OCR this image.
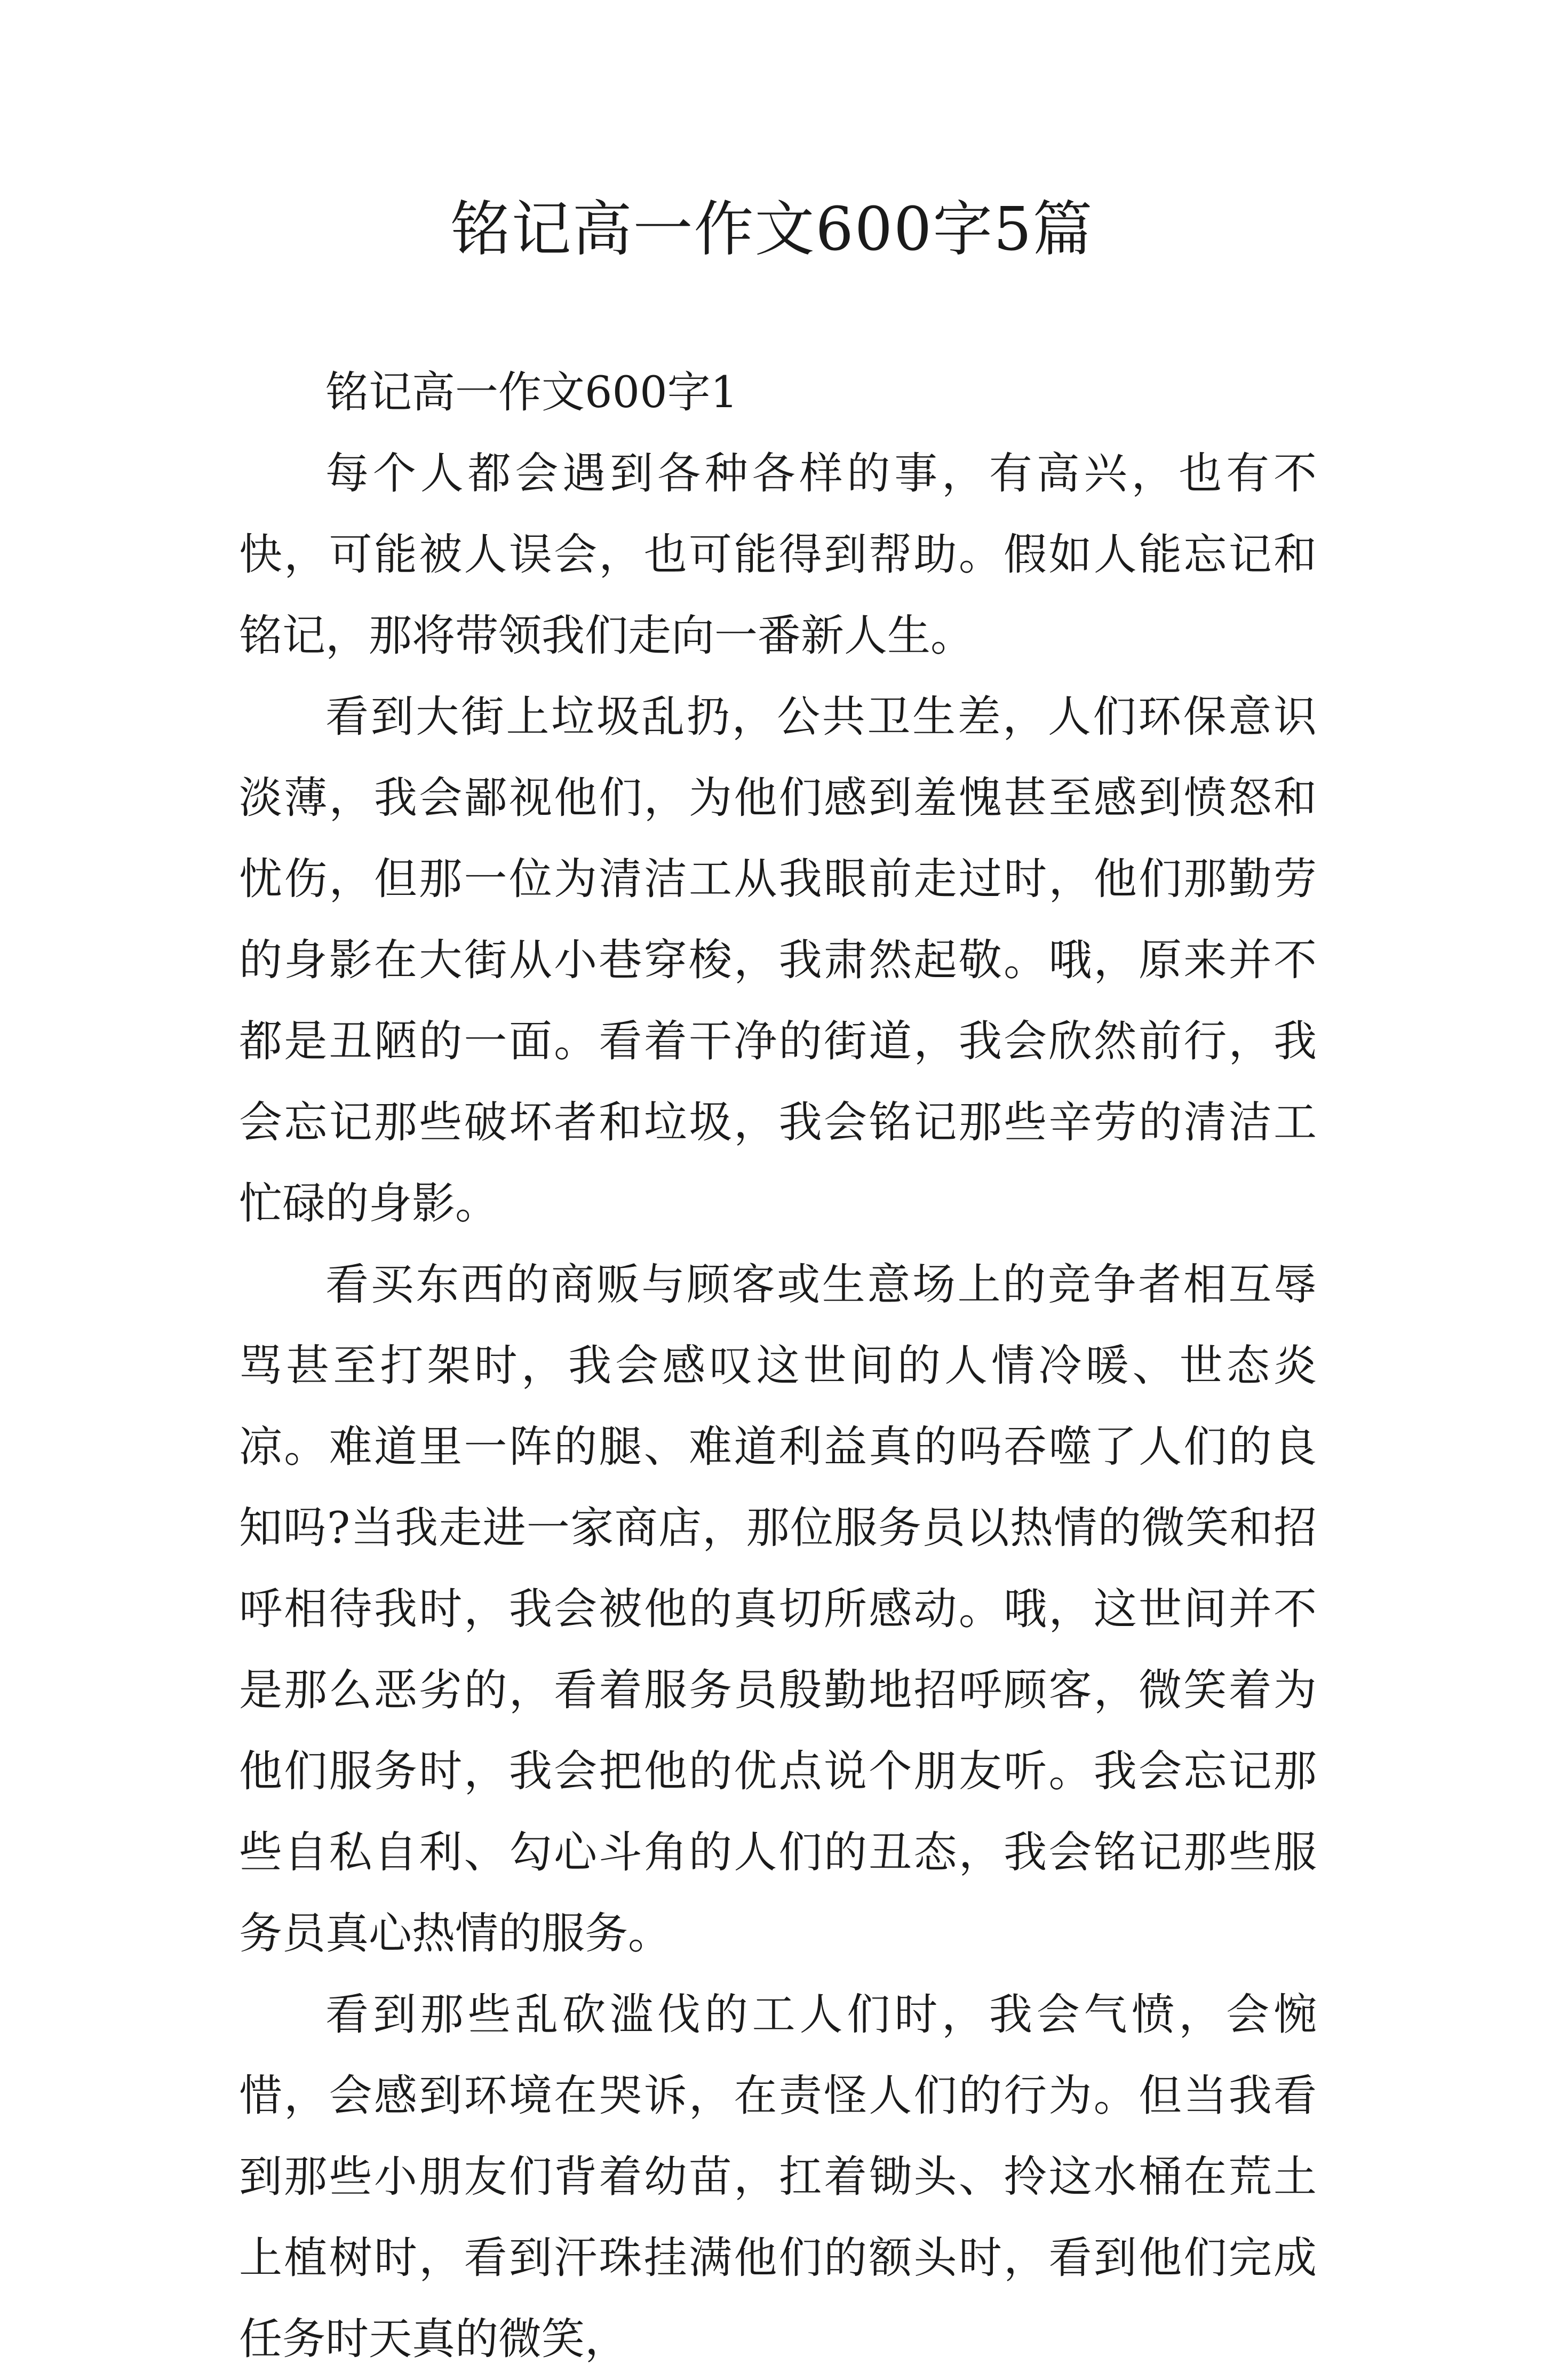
铭记高一作文600字5篇
铭记高一作文600字1

每个人都会遇到各种各样的事，有高兴，也有不快，可能被人误会，也可能得到帮助。假如人能忘记和铭记，那将带领我们走向一番新人生。

看到大街上垃圾乱扔，公共卫生差，人们环保意识淡薄，我会鄙视他们，为他们感到羞愧甚至感到愤怒和忧伤，但那一位为清洁工从我眼前走过时，他们那勤劳的身影在大街从小巷穿梭，我肃然起敬。哦，原来并不都是丑陋的一面。看着干净的街道，我会欣然前行，我会忘记那些破坏者和垃圾，我会铭记那些辛劳的清洁工忙碌的身影。

看买东西的商贩与顾客或生意场上的竞争者相互辱骂甚至打架时，我会感叹这世间的人情冷暖、世态炎凉。难道里一阵的腿、难道利益真的吗吞噬了人们的良知吗?当我走进一家商店，那位服务员以热情的微笑和招呼相待我时，我会被他的真切所感动。哦，这世间并不是那么恶劣的，看着服务员殷勤地招呼顾客，微笑着为他们服务时，我会把他的优点说个朋友听。我会忘记那些自私自利、勾心斗角的人们的丑态，我会铭记那些服务员真心热情的服务。

看到那些乱砍滥伐的工人们时，我会气愤，会惋惜，会感到环境在哭诉，在责怪人们的行为。但当我看到那些小朋友们背着幼苗，扛着锄头、拎这水桶在荒土上植树时，看到汗珠挂满他们的额头时，看到他们完成任务时天真的微笑，
